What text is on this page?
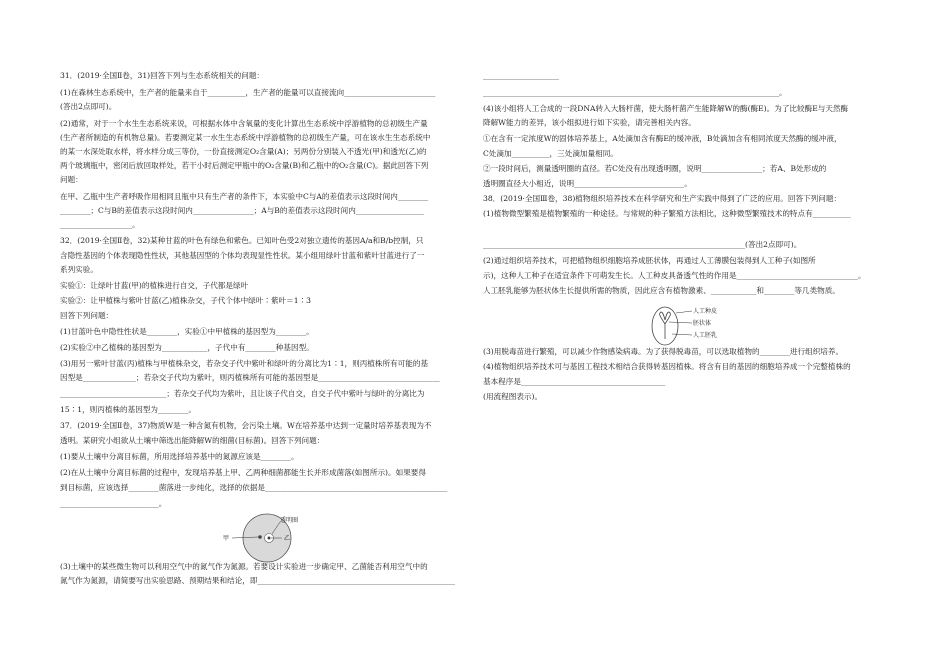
31．(2019·全国Ⅱ卷，31)回答下列与生态系统相关的问题：
(1)在森林生态系统中，生产者的能量来自于__________，生产者的能量可以直接流向________________________
(答出2点即可)。
(2)通常，对于一个水生生态系统来说，可根据水体中含氧量的变化计算出生态系统中浮游植物的总初级生产量
(生产者所制造的有机物总量)。若要测定某一水生生态系统中浮游植物的总初级生产量，可在该水生生态系统中
的某一水深处取水样，将水样分成三等份，一份直接测定O₂含量(A)；另两份分别装入不透光(甲)和透光(乙)的
两个玻璃瓶中，密闭后放回取样处，若干小时后测定甲瓶中的O₂含量(B)和乙瓶中的O₂含量(C)。据此回答下列
问题：
在甲、乙瓶中生产者呼吸作用相同且瓶中只有生产者的条件下，本实验中C与A的差值表示这段时间内________
________；C与B的差值表示这段时间内________________；A与B的差值表示这段时间内__________________
___________________。
32．(2019·全国Ⅱ卷，32)某种甘蓝的叶色有绿色和紫色。已知叶色受2对独立遗传的基因A/a和B/b控制，只
含隐性基因的个体表现隐性性状，其他基因型的个体均表现显性性状。某小组用绿叶甘蓝和紫叶甘蓝进行了一
系列实验。
实验①：让绿叶甘蓝(甲)的植株进行自交，子代都是绿叶
实验②：让甲植株与紫叶甘蓝(乙)植株杂交，子代个体中绿叶∶紫叶＝1∶3
回答下列问题：
(1)甘蓝叶色中隐性性状是________，实验①中甲植株的基因型为________。
(2)实验②中乙植株的基因型为____________，子代中有________种基因型。
(3)用另一紫叶甘蓝(丙)植株与甲植株杂交，若杂交子代中紫叶和绿叶的分离比为1∶1，则丙植株所有可能的基
因型是______________；若杂交子代均为紫叶，则丙植株所有可能的基因型是________________________________
____________________________；若杂交子代均为紫叶，且让该子代自交，自交子代中紫叶与绿叶的分离比为
15∶1，则丙植株的基因型为________。
37．(2019·全国Ⅱ卷，37)物质W是一种含氮有机物，会污染土壤。W在培养基中达到一定量时培养基表现为不
透明。某研究小组欲从土壤中筛选出能降解W的细菌(目标菌)。回答下列问题：
(1)要从土壤中分离目标菌，所用选择培养基中的氮源应该是________。
(2)在从土壤中分离目标菌的过程中，发现培养基上甲、乙两种细菌都能生长并形成菌落(如图所示)。如果要得
到目标菌，应该选择________菌落进一步纯化，选择的依据是________________________________________________
__________________________。
(3)土壤中的某些微生物可以利用空气中的氮气作为氮源。若要设计实验进一步确定甲、乙菌能否利用空气中的
氮气作为氮源，请简要写出实验思路、预期结果和结论，即____________________________________________________
____________________
______________________________________________________________________________。
(4)该小组将人工合成的一段DNA转入大肠杆菌，使大肠杆菌产生能降解W的酶(酶E)。为了比较酶E与天然酶
降解W能力的差异，该小组拟进行如下实验，请完善相关内容。
①在含有一定浓度W的固体培养基上，A处滴加含有酶E的缓冲液，B处滴加含有相同浓度天然酶的缓冲液，
C处滴加__________，三处滴加量相同。
②一段时间后，测量透明圈的直径。若C处没有出现透明圈，说明________________；若A、B处形成的
透明圈直径大小相近，说明_____________________________。
38．(2019·全国Ⅲ卷，38)植物组织培养技术在科学研究和生产实践中得到了广泛的应用。回答下列问题：
(1)植物微型繁殖是植物繁殖的一种途径。与常规的种子繁殖方法相比，这种微型繁殖技术的特点有__________
_____________________________________________________________________(答出2点即可)。
(2)通过组织培养技术，可把植物组织细胞培养成胚状体，再通过人工薄膜包装得到人工种子(如图所
示)，这种人工种子在适宜条件下可萌发生长。人工种皮具备透气性的作用是________________________________。
人工胚乳能够为胚状体生长提供所需的物质，因此应含有植物激素、____________和________等几类物质。
(3)用脱毒苗进行繁殖，可以减少作物感染病毒。为了获得脱毒苗，可以选取植物的________进行组织培养。
(4)植物组织培养技术可与基因工程技术相结合获得转基因植株。将含有目的基因的细胞培养成一个完整植株的
基本程序是______________________________________
(用流程图表示)。
甲	乙
透明圈
人工种皮
胚状体
人工胚乳
